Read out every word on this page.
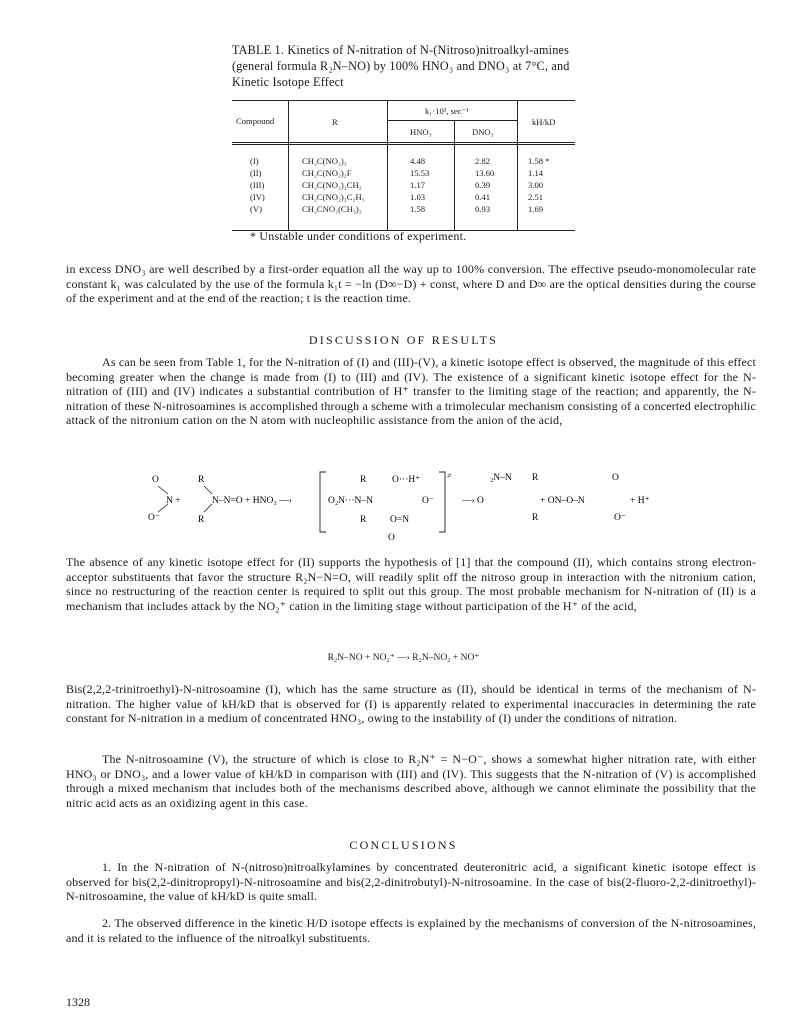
TABLE 1. Kinetics of N-nitration of N-(Nitroso)nitroalkyl-amines (general formula R₂N–NO) by 100% HNO₃ and DNO₃ at 7°C, and Kinetic Isotope Effect
Compound	R
k₁·10³, sec⁻¹
HNO₃	DNO₃
kH/kD
(I)	CH₂C(NO₂)₃	4.48	2.82	1.58 *
(II)	CH₂C(NO₂)₂F	15.53	13.60	1.14
(III)	CH₂C(NO₂)₂CH₃	1.17	0.39	3.00
(IV)	CH₂C(NO₂)₂C₂H₅	1.03	0.41	2.51
(V)	CH₂CNO₂(CH₃)₂	1.58	0.93	1.69
* Unstable under conditions of experiment.

in excess DNO₃ are well described by a first-order equation all the way up to 100% conversion. The effective pseudo-monomolecular rate constant k₁ was calculated by the use of the formula k₁t = −ln (D∞−D) + const, where D and D∞ are the optical densities during the course of the experiment and at the end of the reaction; t is the reaction time.

DISCUSSION OF RESULTS

As can be seen from Table 1, for the N-nitration of (I) and (III)-(V), a kinetic isotope effect is observed, the magnitude of this effect becoming greater when the change is made from (I) to (III) and (IV). The existence of a significant kinetic isotope effect for the N-nitration of (III) and (IV) indicates a substantial contribution of H⁺ transfer to the limiting stage of the reaction; and apparently, the N-nitration of these N-nitrosoamines is accomplished through a scheme with a trimolecular mechanism consisting of a concerted electrophilic attack of the nitronium cation on the N atom with nucleophilic assistance from the anion of the acid,

O
O⁻
N +
R
R
N–N=O + HNO₃ —›
R
O₂N···N–N
R
O···H⁺
O⁻
O=N
O
≠
—› O
₂N–N R
R
+ ON–O–N
O
O⁻
+ H⁺

The absence of any kinetic isotope effect for (II) supports the hypothesis of [1] that the compound (II), which contains strong electron-acceptor substituents that favor the structure R₂N−N=O, will readily split off the nitroso group in interaction with the nitronium cation, since no restructuring of the reaction center is required to split out this group. The most probable mechanism for N-nitration of (II) is a mechanism that includes attack by the NO₂⁺ cation in the limiting stage without participation of the H⁺ of the acid,

R₂N–NO + NO₂⁺ —› R₂N–NO₂ + NO⁺

Bis(2,2,2-trinitroethyl)-N-nitrosoamine (I), which has the same structure as (II), should be identical in terms of the mechanism of N-nitration. The higher value of kH/kD that is observed for (I) is apparently related to experimental inaccuracies in determining the rate constant for N-nitration in a medium of concentrated HNO₃, owing to the instability of (I) under the conditions of nitration.

The N-nitrosoamine (V), the structure of which is close to R₂N⁺ = N−O⁻, shows a somewhat higher nitration rate, with either HNO₃ or DNO₃, and a lower value of kH/kD in comparison with (III) and (IV). This suggests that the N-nitration of (V) is accomplished through a mixed mechanism that includes both of the mechanisms described above, although we cannot eliminate the possibility that the nitric acid acts as an oxidizing agent in this case.

CONCLUSIONS

1. In the N-nitration of N-(nitroso)nitroalkylamines by concentrated deuteronitric acid, a significant kinetic isotope effect is observed for bis(2,2-dinitropropyl)-N-nitrosoamine and bis(2,2-dinitrobutyl)-N-nitrosoamine. In the case of bis(2-fluoro-2,2-dinitroethyl)-N-nitrosoamine, the value of kH/kD is quite small.

2. The observed difference in the kinetic H/D isotope effects is explained by the mechanisms of conversion of the N-nitrosoamines, and it is related to the influence of the nitroalkyl substituents.

1328
